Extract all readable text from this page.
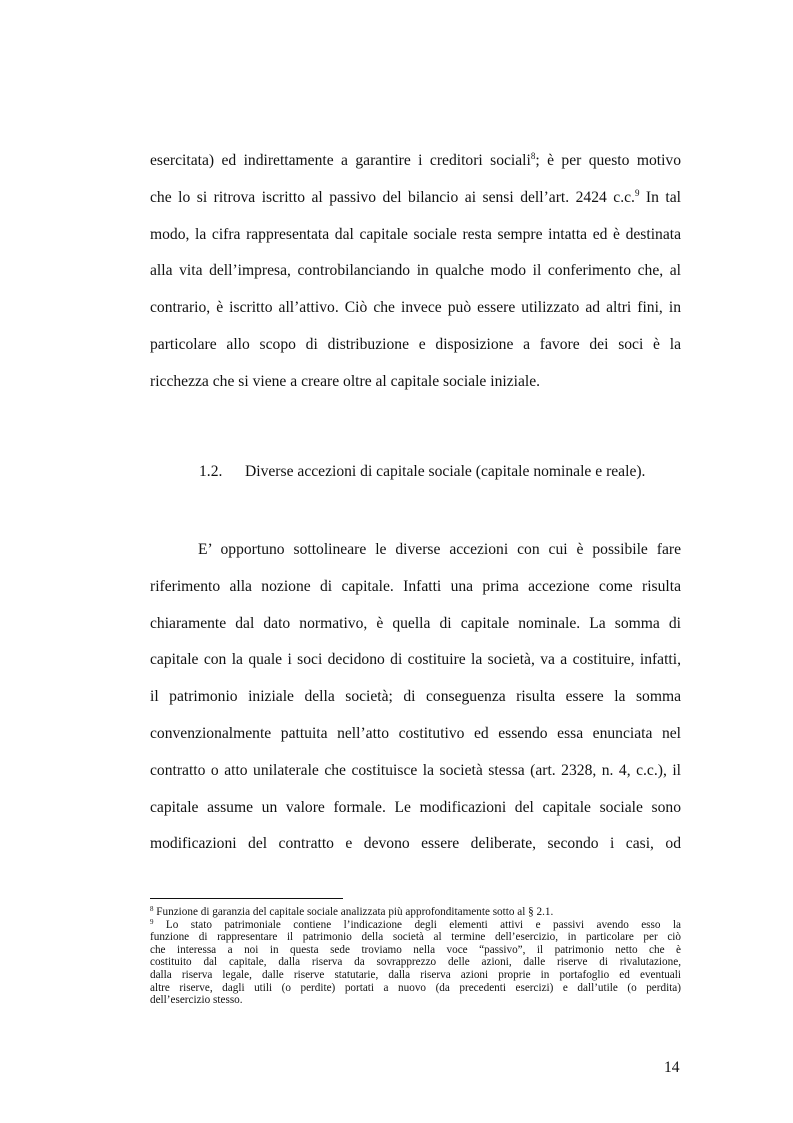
esercitata) ed indirettamente a garantire i creditori sociali$^8$; è per questo motivo
che lo si ritrova iscritto al passivo del bilancio ai sensi dell’art. 2424 c.c.$^9$ In tal
modo, la cifra rappresentata dal capitale sociale resta sempre intatta ed è destinata
alla vita dell’impresa, controbilanciando in qualche modo il conferimento che, al
contrario, è iscritto all’attivo. Ciò che invece può essere utilizzato ad altri fini, in
particolare allo scopo di distribuzione e disposizione a favore dei soci è la
ricchezza che si viene a creare oltre al capitale sociale iniziale.
1.2. Diverse accezioni di capitale sociale (capitale nominale e reale).
E’ opportuno sottolineare le diverse accezioni con cui è possibile fare
riferimento alla nozione di capitale. Infatti una prima accezione come risulta
chiaramente dal dato normativo, è quella di capitale nominale. La somma di
capitale con la quale i soci decidono di costituire la società, va a costituire, infatti,
il patrimonio iniziale della società; di conseguenza risulta essere la somma
convenzionalmente pattuita nell’atto costitutivo ed essendo essa enunciata nel
contratto o atto unilaterale che costituisce la società stessa (art. 2328, n. 4, c.c.), il
capitale assume un valore formale. Le modificazioni del capitale sociale sono
modificazioni del contratto e devono essere deliberate, secondo i casi, od
$^8$ Funzione di garanzia del capitale sociale analizzata più approfonditamente sotto al § 2.1.
$^9$ Lo stato patrimoniale contiene l’indicazione degli elementi attivi e passivi avendo esso la
funzione di rappresentare il patrimonio della società al termine dell’esercizio, in particolare per ciò
che interessa a noi in questa sede troviamo nella voce “passivo”, il patrimonio netto che è
costituito dal capitale, dalla riserva da sovrapprezzo delle azioni, dalle riserve di rivalutazione,
dalla riserva legale, dalle riserve statutarie, dalla riserva azioni proprie in portafoglio ed eventuali
altre riserve, dagli utili (o perdite) portati a nuovo (da precedenti esercizi) e dall’utile (o perdita)
dell’esercizio stesso.
14
